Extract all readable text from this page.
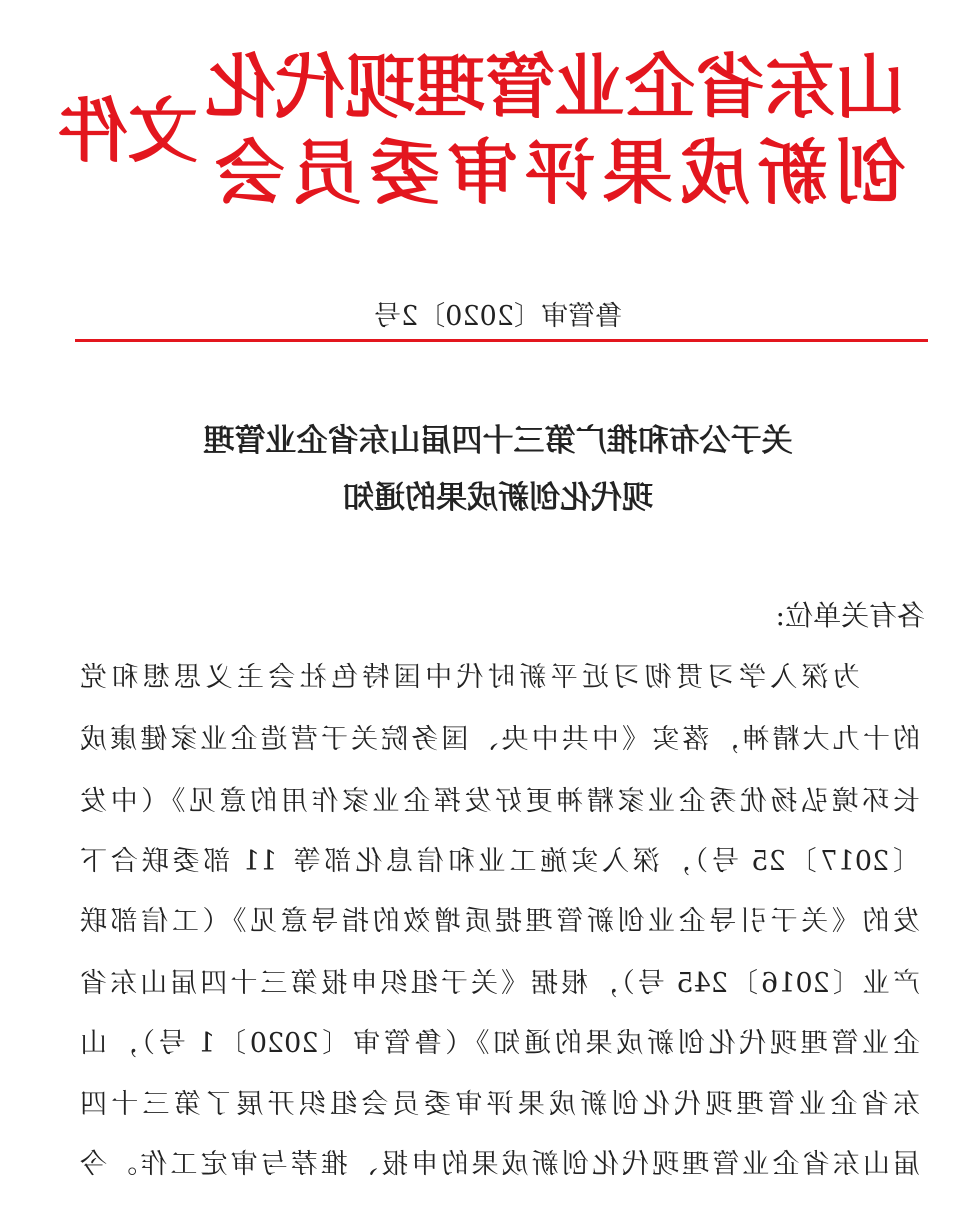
山东省企业管理现代化
创新成果评审委员会
文件
鲁管审〔2020〕2号
关于公布和推广第三十四届山东省企业管理
现代化创新成果的通知
各有关单位:
为深入学习贯彻习近平新时代中国特色社会主义思想和党
的十九大精神，落实《中共中央、国务院关于营造企业家健康成
长环境弘扬优秀企业家精神更好发挥企业家作用的意见》（中发
〔2017〕25 号），深入实施工业和信息化部等 11 部委联合下
发的《关于引导企业创新管理提质增效的指导意见》（工信部联
产业〔2016〕245 号），根据《关于组织申报第三十四届山东省
企业管理现代化创新成果的通知》（鲁管审〔2020〕1 号），山
东省企业管理现代化创新成果评审委员会组织开展了第三十四
届山东省企业管理现代化创新成果的申报、推荐与审定工作。今
